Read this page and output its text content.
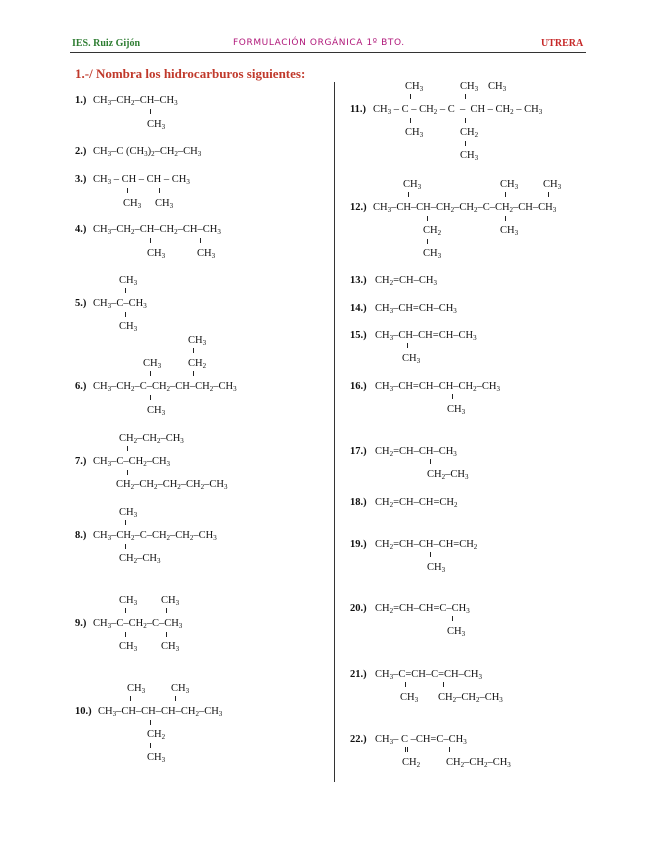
IES. Ruiz Gijón	FORMULACIÓN ORGÁNICA 1º BTO.	UTRERA
1.-/ Nombra los hidrocarburos siguientes:
1.) $CH_3-CH_2-CH-CH_3$
$CH_3$
2.) $CH_3-C$ $(CH_3)_2-CH_2-CH_3$
3.) $CH_3$ – CH – CH – $CH_3$
$CH_3$ $CH_3$
4.) $CH_3-CH_2-CH-CH_2-CH-CH_3$
$CH_3$	$CH_3$
5.)
$CH_3$
$CH_3-C-CH_3$
$CH_3$
6.)
$CH_3$
$CH_3$	$CH_2$
$CH_3-CH_2-C-CH_2-CH-CH_2-CH_3$
$CH_3$
7.)
$CH_2-CH_2-CH_3$
$CH_3-C-CH_2-CH_3$
$CH_2-CH_2-CH_2-CH_2-CH_3$
8.)
$CH_3$
$CH_3-CH_2-C-CH_2-CH_2-CH_3$
$CH_2-CH_3$
9.)
$CH_3$ $CH_3$
$CH_3-C-CH_2-C-CH_3$
$CH_3$ $CH_3$
10.)
$CH_3$ $CH_3$
$CH_3-CH-CH-CH-CH_2-CH_3$
$CH_2$
$CH_3$
11.)
$CH_3$	$CH_3$ $CH_3$
$CH_3$ – C – $CH_2$ – C  –  CH – $CH_2 - CH_3$
$CH_3$	$CH_2$
$CH_3$
12.)
$CH_3$	$CH_3$ $CH_3$
$CH_3-CH-CH-CH_2-CH_2-C-CH_2-CH-CH_3$
$CH_2$	$CH_3$
$CH_3$
13.) $CH_2=CH-CH_3$
14.) $CH_3-CH=CH-CH_3$
15.) $CH_3-CH-CH=CH-CH_3$
$CH_3$
16.) $CH_3-CH=CH-CH-CH_2-CH_3$
$CH_3$
17.) $CH_2=CH-CH-CH_3$
$CH_2-CH_3$
18.) $CH_2=CH-CH=CH_2$
19.) $CH_2=CH-CH-CH=CH_2$
$CH_3$
20.) $CH_2=CH-CH=C-CH_3$
$CH_3$
21.) $CH_3-C=CH-C=CH-CH_3$
$CH_3$ $CH_2-CH_2-CH_3$
22.) $CH_3-$ C $-CH=C-CH_3$
$CH_2$ $CH_2-CH_2-CH_3$
